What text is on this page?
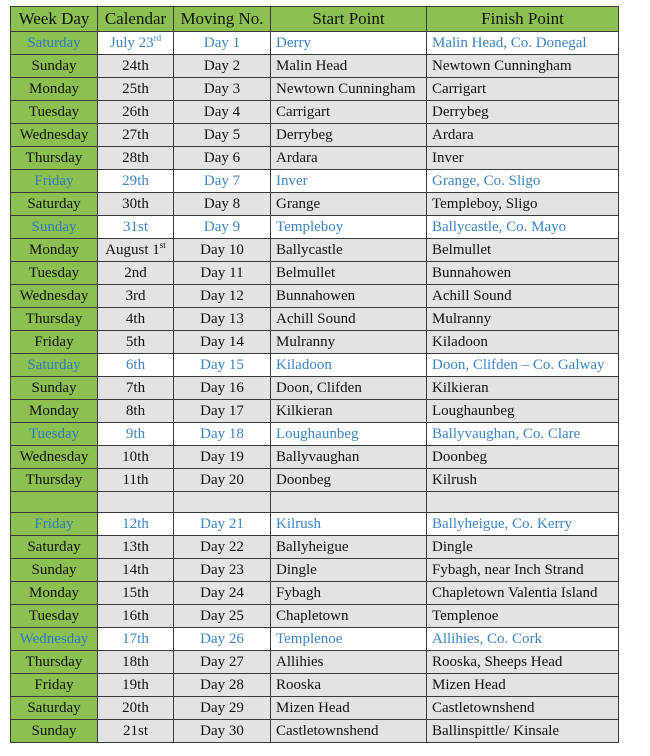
Week Day	Calendar	Moving No.	Start Point	Finish Point
Saturday	July 23rd	Day 1	Derry	Malin Head, Co. Donegal
Sunday	24th	Day 2	Malin Head	Newtown Cunningham
Monday	25th	Day 3	Newtown Cunningham	Carrigart
Tuesday	26th	Day 4	Carrigart	Derrybeg
Wednesday	27th	Day 5	Derrybeg	Ardara
Thursday	28th	Day 6	Ardara	Inver
Friday	29th	Day 7	Inver	Grange, Co. Sligo
Saturday	30th	Day 8	Grange	Templeboy, Sligo
Sunday	31st	Day 9	Templeboy	Ballycastle, Co. Mayo
Monday	August 1st	Day 10	Ballycastle	Belmullet
Tuesday	2nd	Day 11	Belmullet	Bunnahowen
Wednesday	3rd	Day 12	Bunnahowen	Achill Sound
Thursday	4th	Day 13	Achill Sound	Mulranny
Friday	5th	Day 14	Mulranny	Kiladoon
Saturday	6th	Day 15	Kiladoon	Doon, Clifden – Co. Galway
Sunday	7th	Day 16	Doon, Clifden	Kilkieran
Monday	8th	Day 17	Kilkieran	Loughaunbeg
Tuesday	9th	Day 18	Loughaunbeg	Ballyvaughan, Co. Clare
Wednesday	10th	Day 19	Ballyvaughan	Doonbeg
Thursday	11th	Day 20	Doonbeg	Kilrush

Friday	12th	Day 21	Kilrush	Ballyheigue, Co. Kerry
Saturday	13th	Day 22	Ballyheigue	Dingle
Sunday	14th	Day 23	Dingle	Fybagh, near Inch Strand
Monday	15th	Day 24	Fybagh	Chapletown Valentia Island
Tuesday	16th	Day 25	Chapletown	Templenoe
Wednesday	17th	Day 26	Templenoe	Allihies, Co. Cork
Thursday	18th	Day 27	Allihies	Rooska, Sheeps Head
Friday	19th	Day 28	Rooska	Mizen Head
Saturday	20th	Day 29	Mizen Head	Castletownshend
Sunday	21st	Day 30	Castletownshend	Ballinspittle/ Kinsale
